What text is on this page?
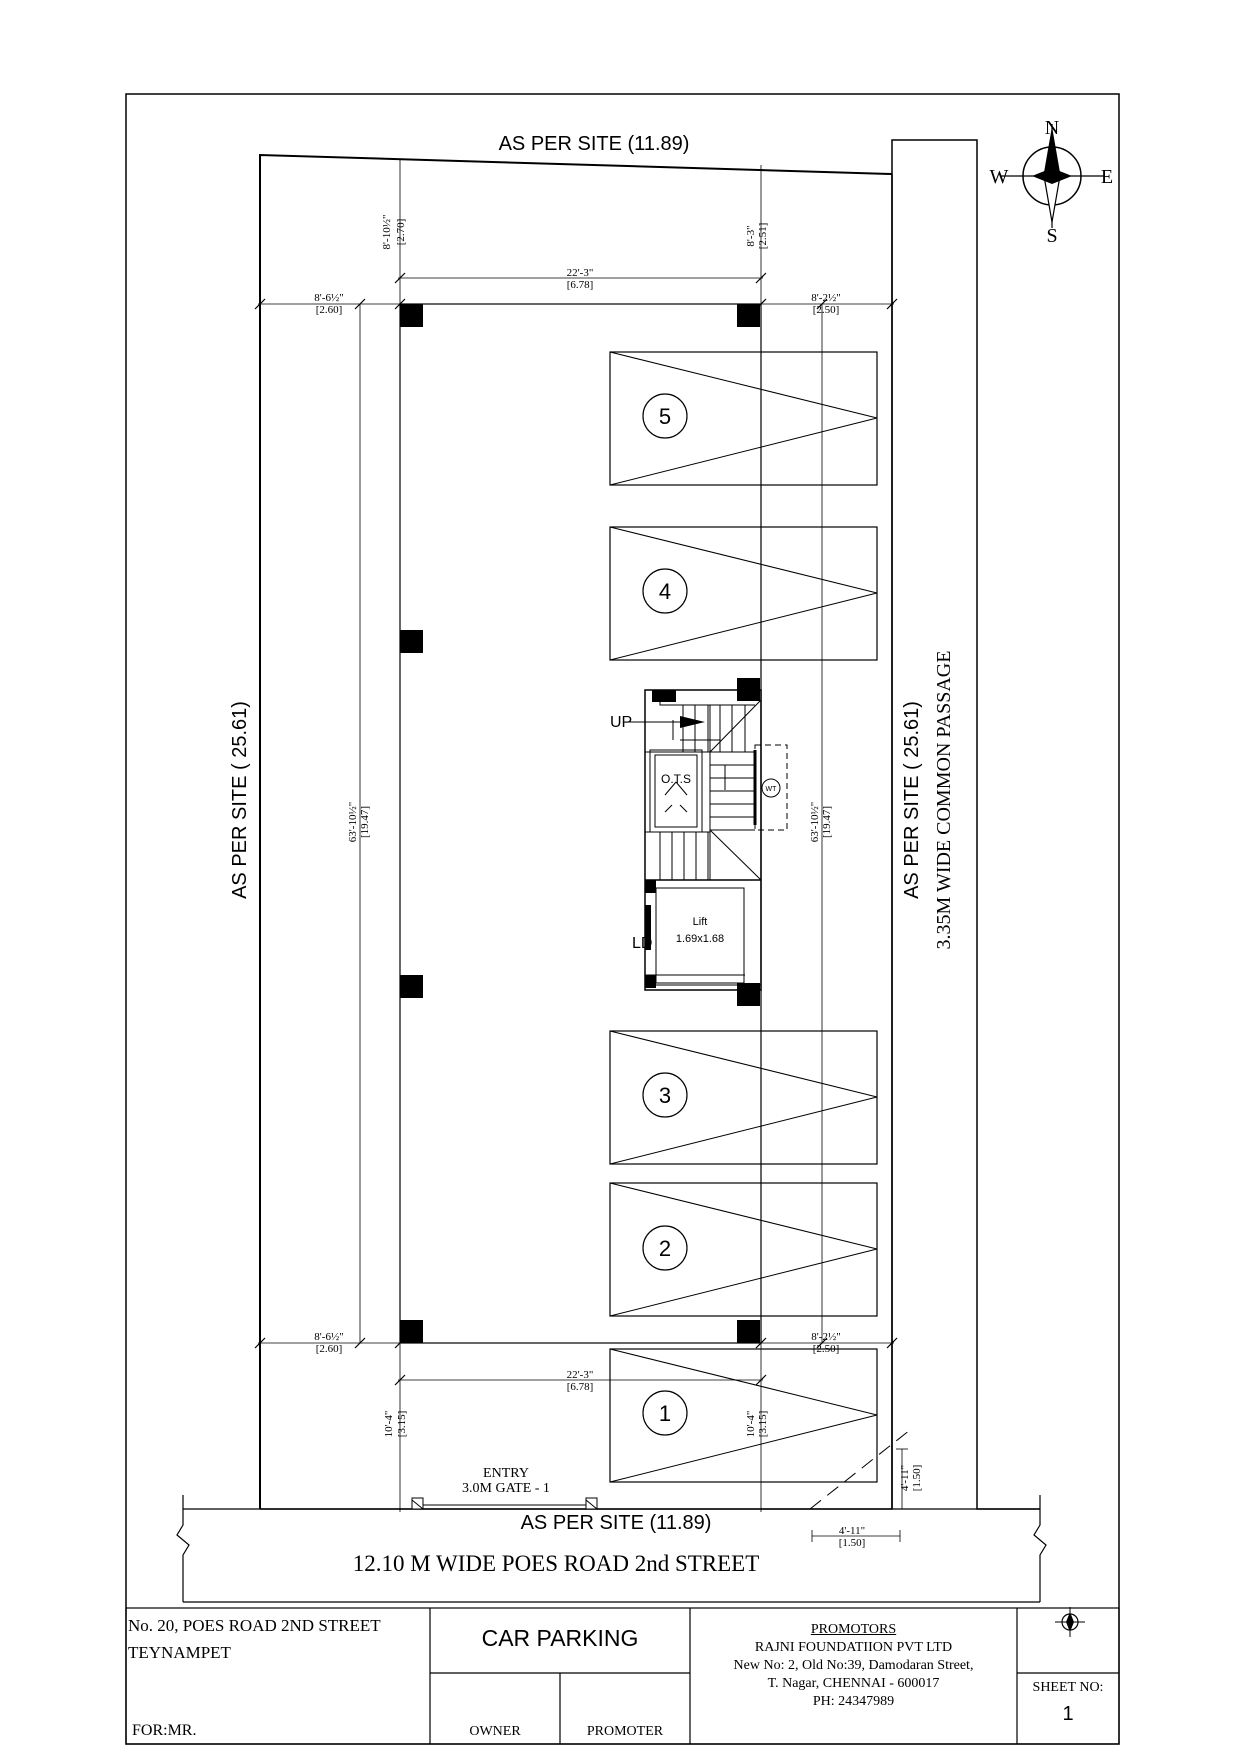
5
4
3
2
1
UP
O.T.S
WT
Lift
1.69x1.68
LD
AS PER SITE (11.89)
AS PER SITE (11.89)
AS PER SITE ( 25.61)	AS PER SITE ( 25.61) 3.35M WIDE COMMON PASSAGE
12.10 M WIDE POES ROAD 2nd STREET
ENTRY
3.0M GATE - 1
8'-10½" [2.70]	8'-3" [2.51]
22'-3"
[6.78]
8'-6½"
[2.60]
8'-2½"
[2.50]
63'-10½" [19.47]	63'-10½" [19.47]
8'-6½"
[2.60]
8'-2½"
[2.50]
22'-3"
[6.78]
10'-4" [3.15]	10'-4" [3.15]
4'-11" [1.50]
4'-11"
[1.50]
N
S
E
W
No. 20, POES ROAD 2ND STREET
TEYNAMPET
FOR:MR.
CAR PARKING
OWNER	PROMOTER
PROMOTORS
RAJNI FOUNDATIION PVT LTD
New No: 2, Old No:39, Damodaran Street,
T. Nagar, CHENNAI - 600017
PH: 24347989
SHEET NO:
1
